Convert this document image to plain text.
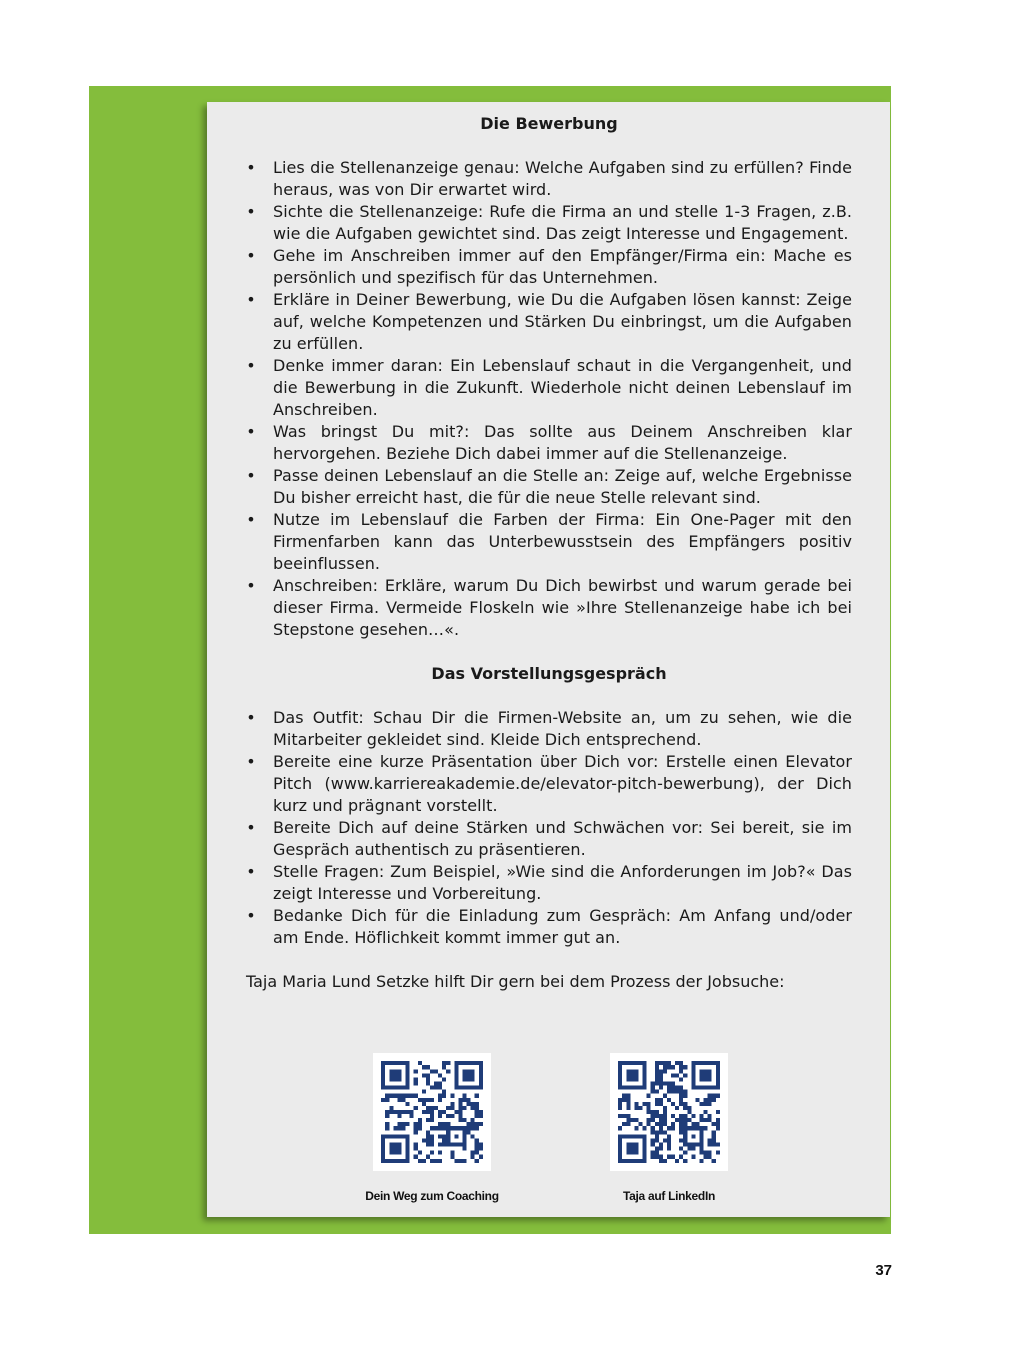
Die Bewerbung
• Lies die Stellenanzeige genau: Welche Aufgaben sind zu erfüllen? Finde heraus, was von Dir erwartet wird.
• Sichte die Stellenanzeige: Rufe die Firma an und stelle 1-3 Fragen, z.B. wie die Aufgaben gewichtet sind. Das zeigt Interesse und Engagement.
• Gehe im Anschreiben immer auf den Empfänger/Firma ein: Mache es persönlich und spezifisch für das Unternehmen.
• Erkläre in Deiner Bewerbung, wie Du die Aufgaben lösen kannst: Zeige auf, welche Kompetenzen und Stärken Du einbringst, um die Aufgaben zu erfüllen.
• Denke immer daran: Ein Lebenslauf schaut in die Vergangenheit, und die Bewerbung in die Zukunft. Wiederhole nicht deinen Lebenslauf im Anschreiben.
• Was bringst Du mit?: Das sollte aus Deinem Anschreiben klar hervorgehen. Beziehe Dich dabei immer auf die Stellenanzeige.
• Passe deinen Lebenslauf an die Stelle an: Zeige auf, welche Ergebnisse Du bisher erreicht hast, die für die neue Stelle relevant sind.
• Nutze im Lebenslauf die Farben der Firma: Ein One-Pager mit den Firmenfarben kann das Unterbewusstsein des Empfängers positiv beeinflussen.
• Anschreiben: Erkläre, warum Du Dich bewirbst und warum gerade bei dieser Firma. Vermeide Floskeln wie »Ihre Stellenanzeige habe ich bei Stepstone gesehen…«.
Das Vorstellungsgespräch
• Das Outfit: Schau Dir die Firmen-Website an, um zu sehen, wie die Mitarbeiter gekleidet sind. Kleide Dich entsprechend.
• Bereite eine kurze Präsentation über Dich vor: Erstelle einen Elevator Pitch (www.karriereakademie.de/elevator-pitch-bewerbung), der Dich kurz und prägnant vorstellt.
• Bereite Dich auf deine Stärken und Schwächen vor: Sei bereit, sie im Gespräch authentisch zu präsentieren.
• Stelle Fragen: Zum Beispiel, »Wie sind die Anforderungen im Job?« Das zeigt Interesse und Vorbereitung.
• Bedanke Dich für die Einladung zum Gespräch: Am Anfang und/oder am Ende. Höflichkeit kommt immer gut an.

Taja Maria Lund Setzke hilft Dir gern bei dem Prozess der Jobsuche:

Dein Weg zum Coaching	Taja auf LinkedIn
37
